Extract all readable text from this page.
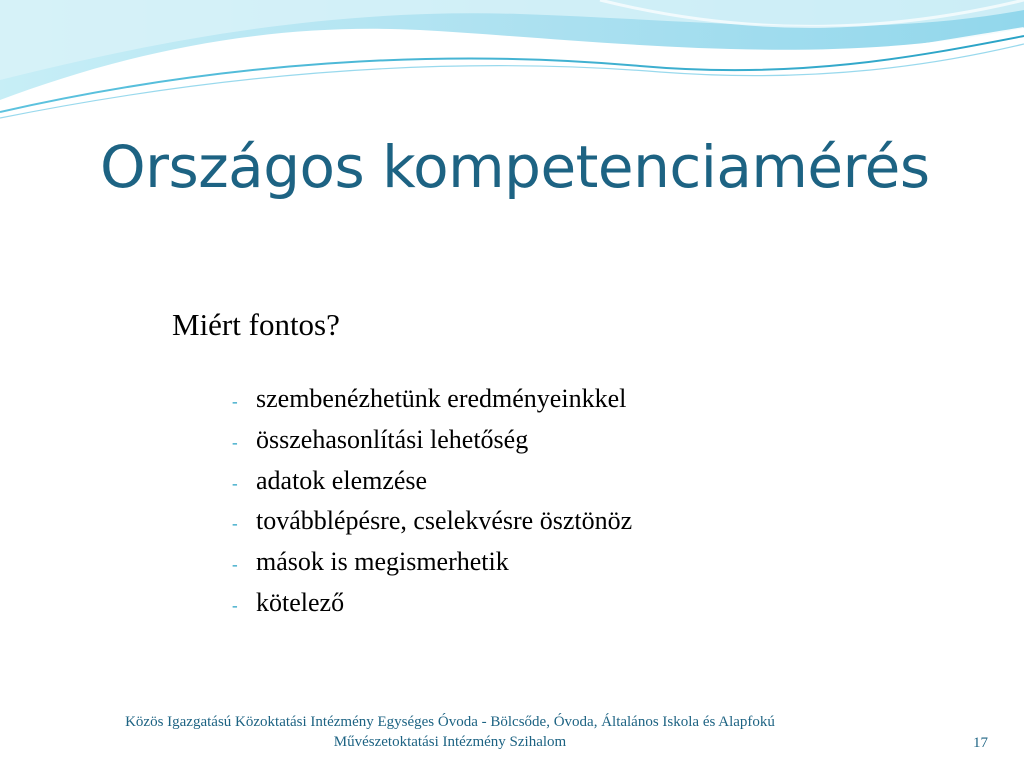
Országos kompetenciamérés
Miért fontos?
- szembenézhetünk eredményeinkkel
- összehasonlítási lehetőség
- adatok elemzése
- továbblépésre, cselekvésre ösztönöz
- mások is megismerhetik
- kötelező
Közös Igazgatású Közoktatási Intézmény Egységes Óvoda - Bölcsőde, Óvoda, Általános Iskola és Alapfokú
Művészetoktatási Intézmény Szihalom	17
